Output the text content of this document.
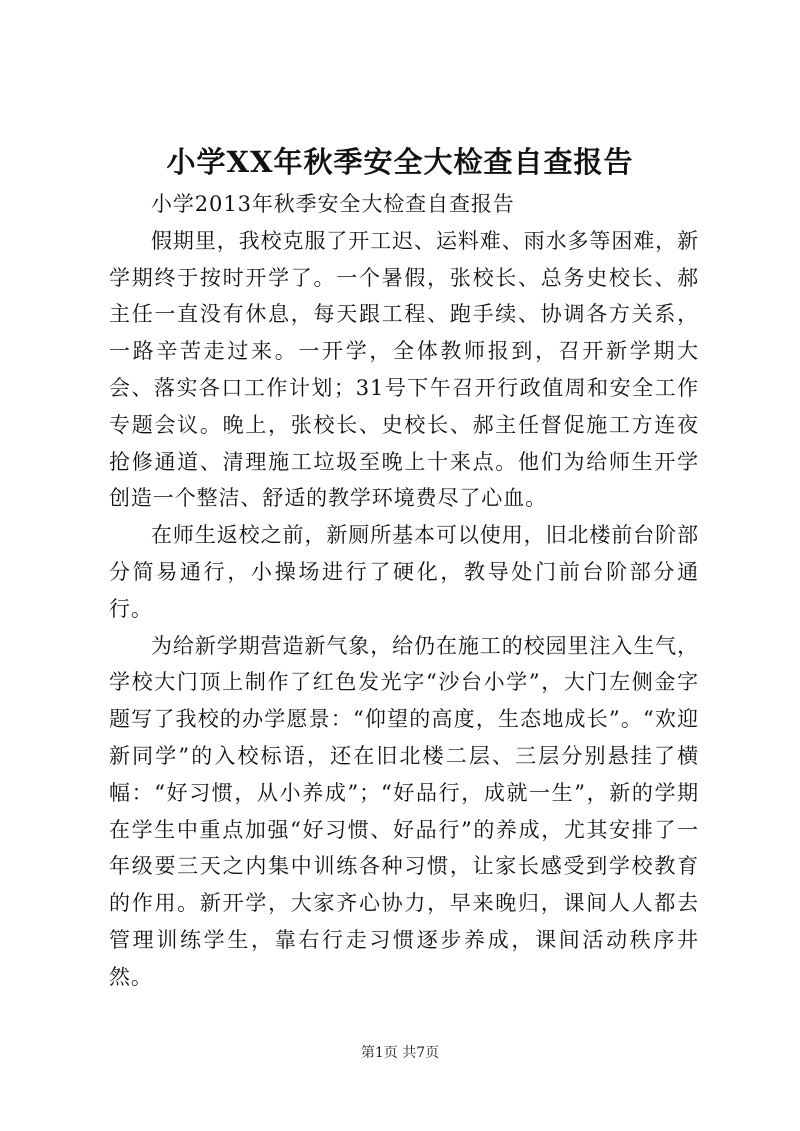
小学XX年秋季安全大检查自查报告

小学2013年秋季安全大检查自查报告

假期里，我校克服了开工迟、运料难、雨水多等困难，新学期终于按时开学了。一个暑假，张校长、总务史校长、郝主任一直没有休息，每天跟工程、跑手续、协调各方关系，一路辛苦走过来。一开学，全体教师报到，召开新学期大会、落实各口工作计划；31号下午召开行政值周和安全工作专题会议。晚上，张校长、史校长、郝主任督促施工方连夜抢修通道、清理施工垃圾至晚上十来点。他们为给师生开学创造一个整洁、舒适的教学环境费尽了心血。

在师生返校之前，新厕所基本可以使用，旧北楼前台阶部分简易通行，小操场进行了硬化，教导处门前台阶部分通行。

为给新学期营造新气象，给仍在施工的校园里注入生气，学校大门顶上制作了红色发光字“沙台小学”，大门左侧金字题写了我校的办学愿景：“仰望的高度，生态地成长”。“欢迎新同学”的入校标语，还在旧北楼二层、三层分别悬挂了横幅：“好习惯，从小养成”；“好品行，成就一生”，新的学期在学生中重点加强“好习惯、好品行”的养成，尤其安排了一年级要三天之内集中训练各种习惯，让家长感受到学校教育的作用。新开学，大家齐心协力，早来晚归，课间人人都去管理训练学生，靠右行走习惯逐步养成，课间活动秩序井然。

第1页 共7页
